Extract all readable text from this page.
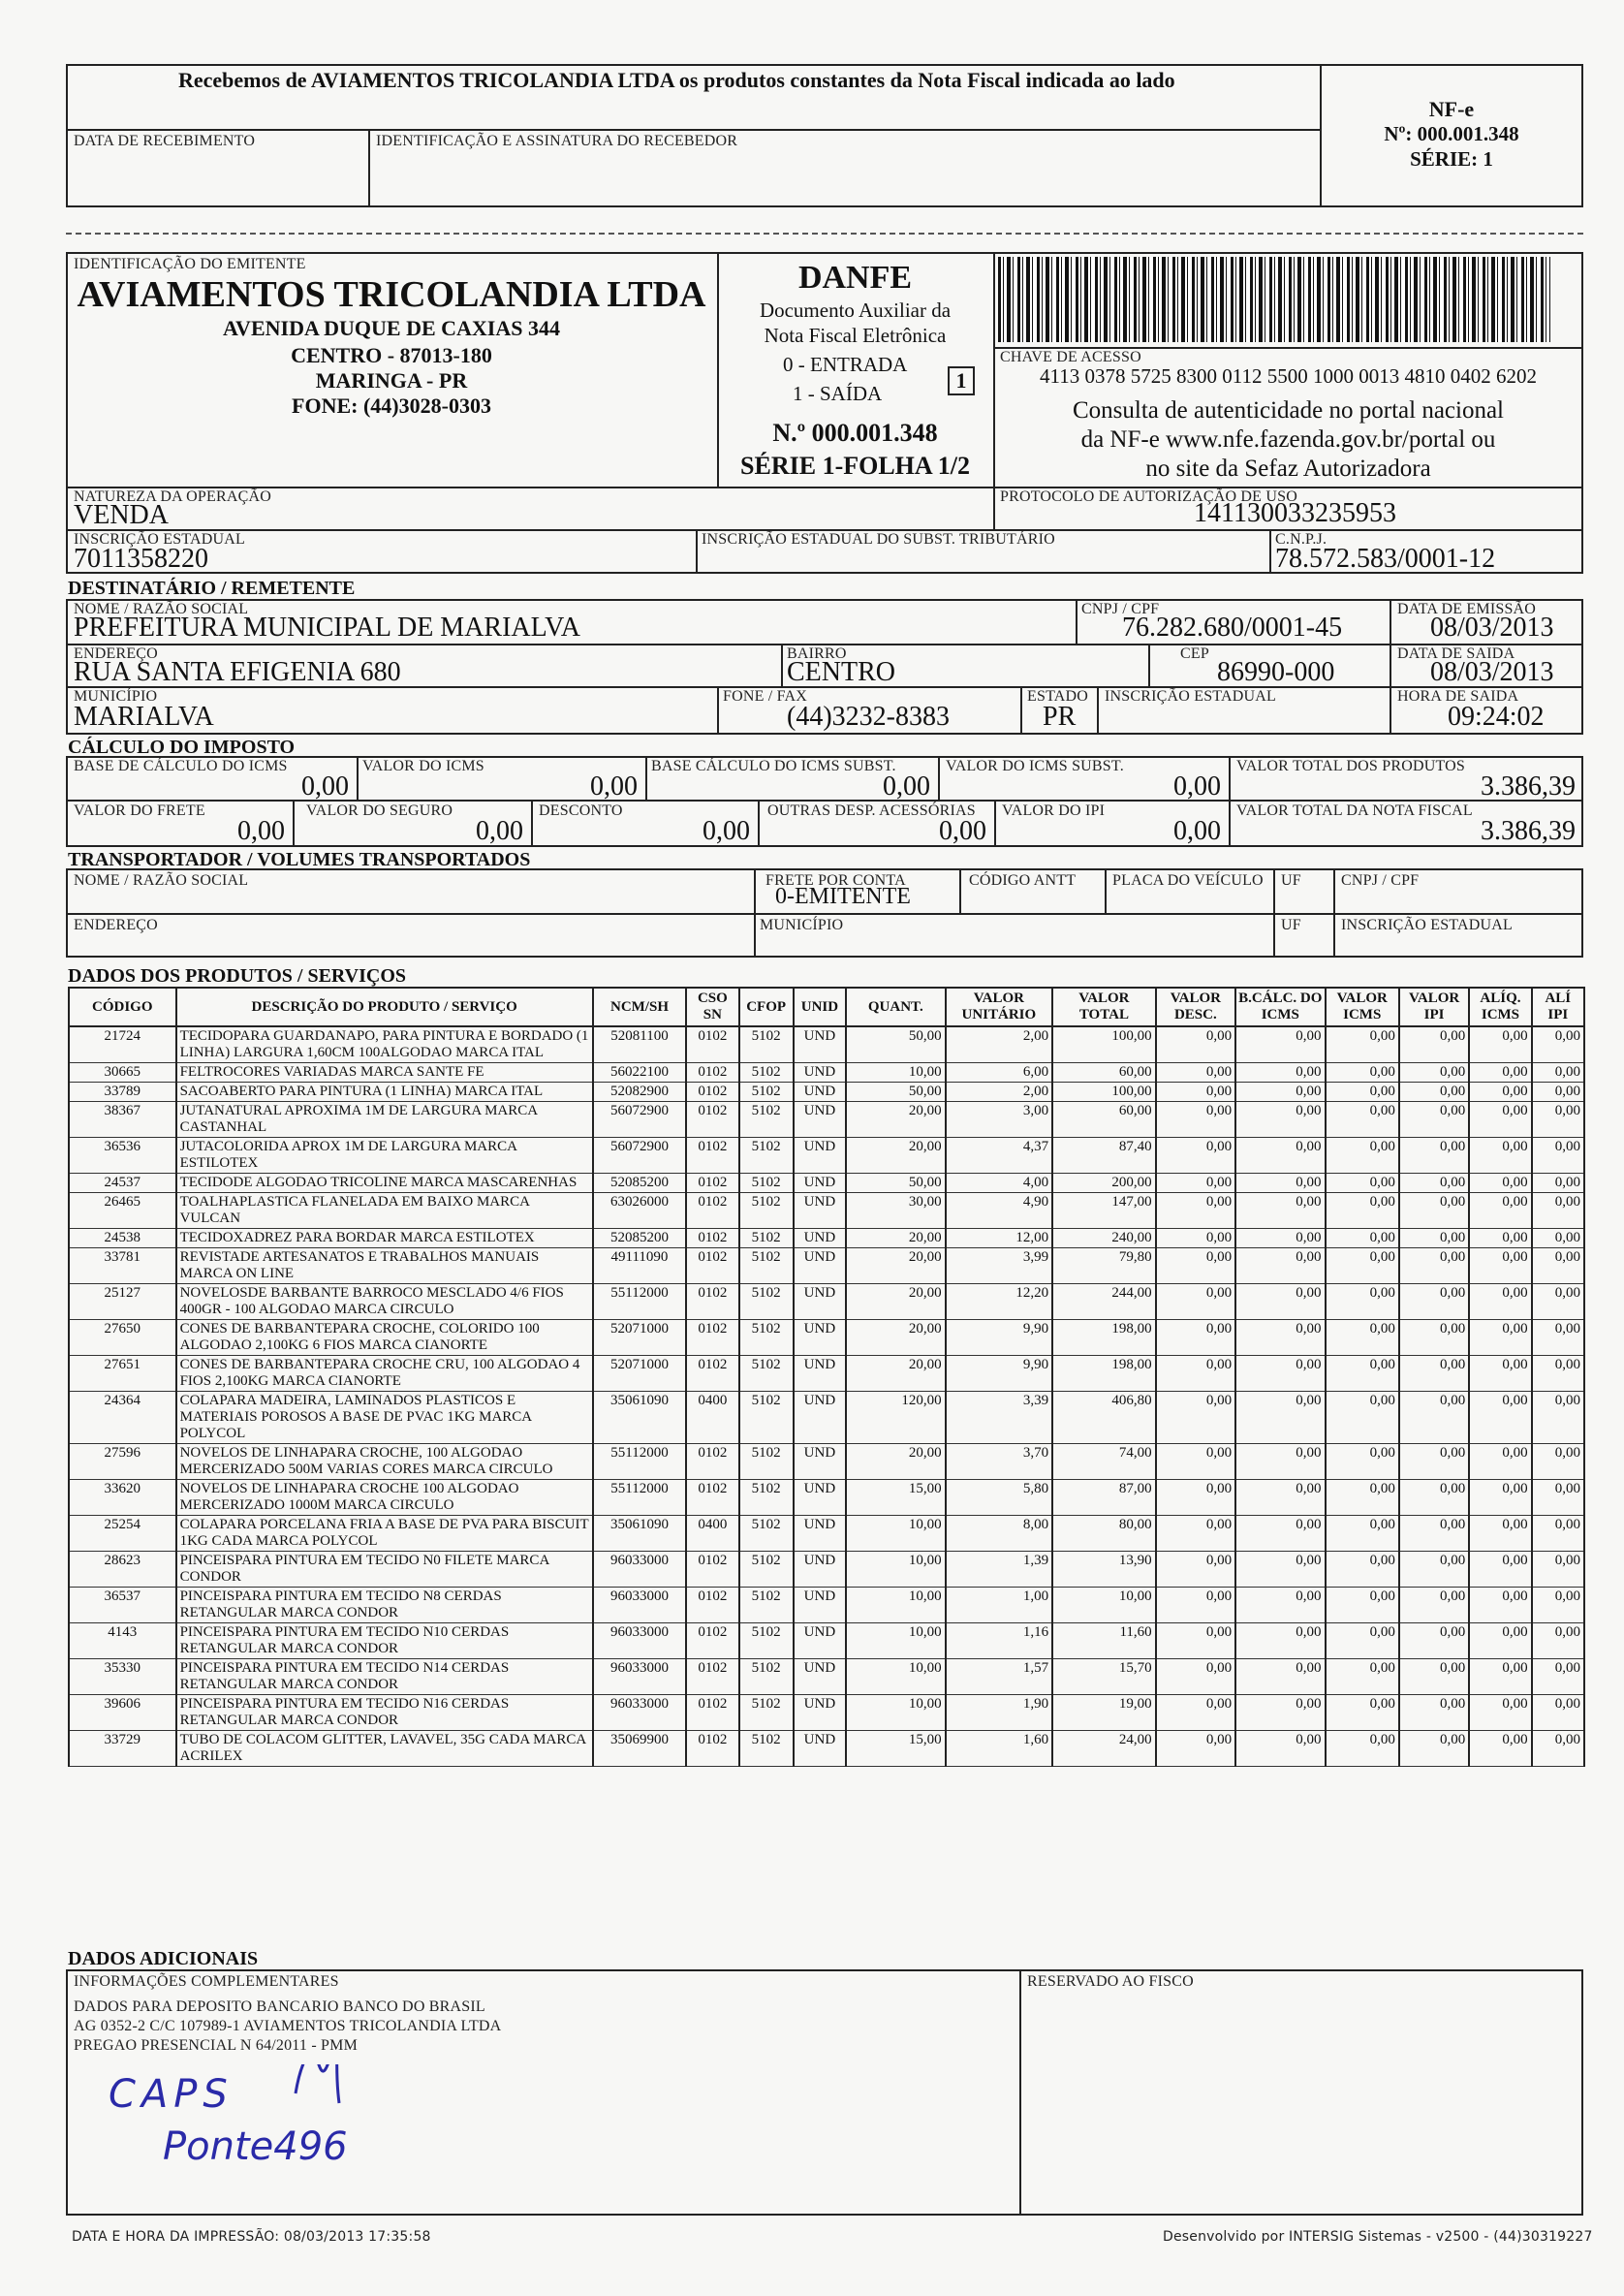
Recebemos de AVIAMENTOS TRICOLANDIA LTDA os produtos constantes da Nota Fiscal indicada ao lado
DATA DE RECEBIMENTO	IDENTIFICAÇÃO E ASSINATURA DO RECEBEDOR
NF-e
Nº: 000.001.348
SÉRIE: 1
IDENTIFICAÇÃO DO EMITENTE
AVIAMENTOS TRICOLANDIA LTDA
AVENIDA DUQUE DE CAXIAS 344
CENTRO - 87013-180
MARINGA - PR
FONE: (44)3028-0303
DANFE
Documento Auxiliar da
Nota Fiscal Eletrônica
0 - ENTRADA
1 - SAÍDA
1
N.º 000.001.348
SÉRIE 1-FOLHA 1/2
CHAVE DE ACESSO
4113 0378 5725 8300 0112 5500 1000 0013 4810 0402 6202
Consulta de autenticidade no portal nacional
da NF-e www.nfe.fazenda.gov.br/portal ou
no site da Sefaz Autorizadora
NATUREZA DA OPERAÇÃO
VENDA
PROTOCOLO DE AUTORIZAÇÃO DE USO
141130033235953
INSCRIÇÃO ESTADUAL
7011358220
INSCRIÇÃO ESTADUAL DO SUBST. TRIBUTÁRIO	C.N.P.J.
78.572.583/0001-12
DESTINATÁRIO / REMETENTE
NOME / RAZÃO SOCIAL
PREFEITURA MUNICIPAL DE MARIALVA
CNPJ / CPF
76.282.680/0001-45
DATA DE EMISSÃO
08/03/2013
ENDEREÇO
RUA SANTA EFIGENIA 680
BAIRRO
CENTRO
CEP
86990-000
DATA DE SAIDA
08/03/2013
MUNICÍPIO
MARIALVA
FONE / FAX
(44)3232-8383
ESTADO
PR
INSCRIÇÃO ESTADUAL	HORA DE SAIDA
09:24:02
CÁLCULO DO IMPOSTO
BASE DE CÁLCULO DO ICMS
0,00
VALOR DO ICMS
0,00
BASE CÁLCULO DO ICMS SUBST.
0,00
VALOR DO ICMS SUBST.
0,00
VALOR TOTAL DOS PRODUTOS
3.386,39
VALOR DO FRETE
0,00
VALOR DO SEGURO
0,00
DESCONTO
0,00
OUTRAS DESP. ACESSÓRIAS
0,00
VALOR DO IPI
0,00
VALOR TOTAL DA NOTA FISCAL
3.386,39
TRANSPORTADOR / VOLUMES TRANSPORTADOS
NOME / RAZÃO SOCIAL	FRETE POR CONTA
0-EMITENTE
CÓDIGO ANTT PLACA DO VEÍCULO UF	CNPJ / CPF
ENDEREÇO	MUNICÍPIO	UF	INSCRIÇÃO ESTADUAL
DADOS DOS PRODUTOS / SERVIÇOS
CÓDIGO	DESCRIÇÃO DO PRODUTO / SERVIÇO	NCM/SH	CSO SN	CFOP	UNID	QUANT.	VALOR UNITÁRIO	VALOR TOTAL	VALOR DESC.	B.CÁLC. DO ICMS	VALOR ICMS	VALOR IPI	ALÍQ. ICMS	ALÍ IPI
21724	TECIDOPARA GUARDANAPO, PARA PINTURA E BORDADO (1 LINHA) LARGURA 1,60CM 100ALGODAO MARCA ITAL	52081100	0102	5102	UND	50,00	2,00	100,00	0,00	0,00	0,00	0,00	0,00	0,00
30665	FELTROCORES VARIADAS MARCA SANTE FE	56022100	0102	5102	UND	10,00	6,00	60,00	0,00	0,00	0,00	0,00	0,00	0,00
33789	SACOABERTO PARA PINTURA (1 LINHA) MARCA ITAL	52082900	0102	5102	UND	50,00	2,00	100,00	0,00	0,00	0,00	0,00	0,00	0,00
38367	JUTANATURAL APROXIMA 1M DE LARGURA MARCA CASTANHAL	56072900	0102	5102	UND	20,00	3,00	60,00	0,00	0,00	0,00	0,00	0,00	0,00
36536	JUTACOLORIDA APROX 1M DE LARGURA MARCA ESTILOTEX	56072900	0102	5102	UND	20,00	4,37	87,40	0,00	0,00	0,00	0,00	0,00	0,00
24537	TECIDODE ALGODAO TRICOLINE MARCA MASCARENHAS	52085200	0102	5102	UND	50,00	4,00	200,00	0,00	0,00	0,00	0,00	0,00	0,00
26465	TOALHAPLASTICA FLANELADA EM BAIXO MARCA VULCAN	63026000	0102	5102	UND	30,00	4,90	147,00	0,00	0,00	0,00	0,00	0,00	0,00
24538	TECIDOXADREZ PARA BORDAR MARCA ESTILOTEX	52085200	0102	5102	UND	20,00	12,00	240,00	0,00	0,00	0,00	0,00	0,00	0,00
33781	REVISTADE ARTESANATOS E TRABALHOS MANUAIS MARCA ON LINE	49111090	0102	5102	UND	20,00	3,99	79,80	0,00	0,00	0,00	0,00	0,00	0,00
25127	NOVELOSDE BARBANTE BARROCO MESCLADO 4/6 FIOS 400GR - 100 ALGODAO MARCA CIRCULO	55112000	0102	5102	UND	20,00	12,20	244,00	0,00	0,00	0,00	0,00	0,00	0,00
27650	CONES DE BARBANTEPARA CROCHE, COLORIDO 100 ALGODAO 2,100KG 6 FIOS MARCA CIANORTE	52071000	0102	5102	UND	20,00	9,90	198,00	0,00	0,00	0,00	0,00	0,00	0,00
27651	CONES DE BARBANTEPARA CROCHE CRU, 100 ALGODAO 4 FIOS 2,100KG MARCA CIANORTE	52071000	0102	5102	UND	20,00	9,90	198,00	0,00	0,00	0,00	0,00	0,00	0,00
24364	COLAPARA MADEIRA, LAMINADOS PLASTICOS E MATERIAIS POROSOS A BASE DE PVAC 1KG MARCA POLYCOL	35061090	0400	5102	UND	120,00	3,39	406,80	0,00	0,00	0,00	0,00	0,00	0,00
27596	NOVELOS DE LINHAPARA CROCHE, 100 ALGODAO MERCERIZADO 500M VARIAS CORES MARCA CIRCULO	55112000	0102	5102	UND	20,00	3,70	74,00	0,00	0,00	0,00	0,00	0,00	0,00
33620	NOVELOS DE LINHAPARA CROCHE 100 ALGODAO MERCERIZADO 1000M MARCA CIRCULO	55112000	0102	5102	UND	15,00	5,80	87,00	0,00	0,00	0,00	0,00	0,00	0,00
25254	COLAPARA PORCELANA FRIA A BASE DE PVA PARA BISCUIT 1KG CADA MARCA POLYCOL	35061090	0400	5102	UND	10,00	8,00	80,00	0,00	0,00	0,00	0,00	0,00	0,00
28623	PINCEISPARA PINTURA EM TECIDO N0 FILETE MARCA CONDOR	96033000	0102	5102	UND	10,00	1,39	13,90	0,00	0,00	0,00	0,00	0,00	0,00
36537	PINCEISPARA PINTURA EM TECIDO N8 CERDAS RETANGULAR MARCA CONDOR	96033000	0102	5102	UND	10,00	1,00	10,00	0,00	0,00	0,00	0,00	0,00	0,00
4143	PINCEISPARA PINTURA EM TECIDO N10 CERDAS RETANGULAR MARCA CONDOR	96033000	0102	5102	UND	10,00	1,16	11,60	0,00	0,00	0,00	0,00	0,00	0,00
35330	PINCEISPARA PINTURA EM TECIDO N14 CERDAS RETANGULAR MARCA CONDOR	96033000	0102	5102	UND	10,00	1,57	15,70	0,00	0,00	0,00	0,00	0,00	0,00
39606	PINCEISPARA PINTURA EM TECIDO N16 CERDAS RETANGULAR MARCA CONDOR	96033000	0102	5102	UND	10,00	1,90	19,00	0,00	0,00	0,00	0,00	0,00	0,00
33729	TUBO DE COLACOM GLITTER, LAVAVEL, 35G CADA MARCA ACRILEX	35069900	0102	5102	UND	15,00	1,60	24,00	0,00	0,00	0,00	0,00	0,00	0,00
DADOS ADICIONAIS
INFORMAÇÕES COMPLEMENTARES
DADOS PARA DEPOSITO BANCARIO BANCO DO BRASIL
AG 0352-2 C/C 107989-1 AVIAMENTOS TRICOLANDIA LTDA
PREGAO PRESENCIAL N 64/2011 - PMM
RESERVADO AO FISCO
CAPS
Ponte496
DATA E HORA DA IMPRESSÃO: 08/03/2013 17:35:58	Desenvolvido por INTERSIG Sistemas - v2500 - (44)30319227
